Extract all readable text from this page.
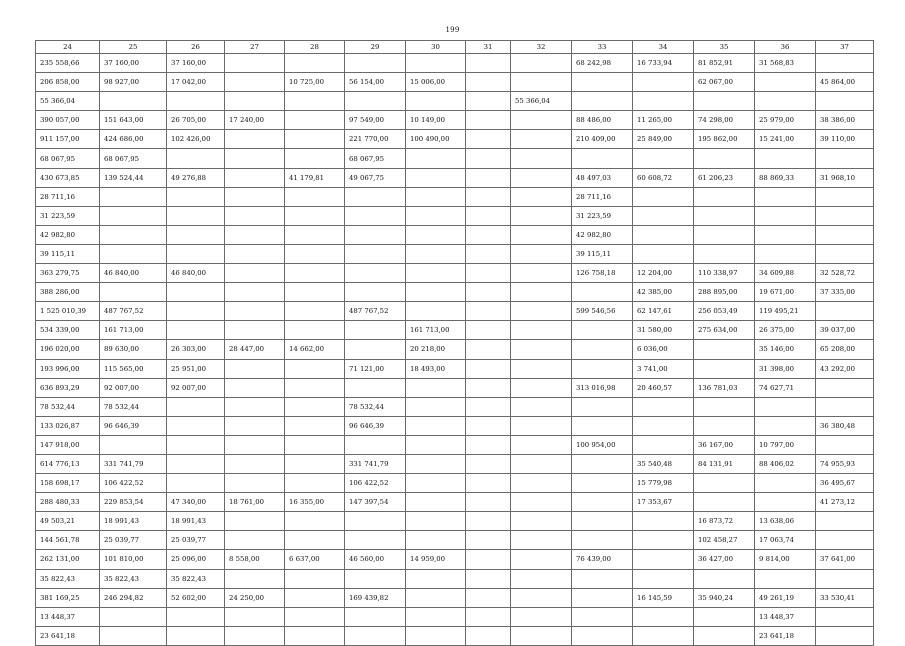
199
24	25	26	27	28	29	30	31	32	33	34	35	36	37
235 558,66	37 160,00	37 160,00							68 242,98	16 733,94	81 852,91	31 568,83	
206 858,00	98 927,00	17 042,00		10 725,00	56 154,00	15 006,00					62 067,00		45 864,00
55 366,04								55 366,04					
390 057,00	151 643,00	26 705,00	17 240,00		97 549,00	10 149,00			88 486,00	11 265,00	74 298,00	25 979,00	38 386,00
911 157,00	424 686,00	102 426,00			221 770,00	100 490,00			210 409,00	25 849,00	195 862,00	15 241,00	39 110,00
68 067,95	68 067,95				68 067,95								
430 673,85	139 524,44	49 276,88		41 179,81	49 067,75				48 497,03	60 608,72	61 206,23	88 869,33	31 968,10
28 711,16									28 711,16				
31 223,59									31 223,59				
42 982,80									42 982,80				
39 115,11									39 115,11				
363 279,75	46 840,00	46 840,00							126 758,18	12 204,00	110 338,97	34 609,88	32 528,72
388 286,00										42 385,00	288 895,00	19 671,00	37 335,00
1 525 010,39	487 767,52				487 767,52				599 546,56	62 147,61	256 053,49	119 495,21	
534 339,00	161 713,00					161 713,00				31 580,00	275 634,00	26 375,00	39 037,00
196 020,00	89 630,00	26 303,00	28 447,00	14 662,00		20 218,00				6 036,00		35 146,00	65 208,00
193 996,00	115 565,00	25 951,00			71 121,00	18 493,00				3 741,00		31 398,00	43 292,00
636 893,29	92 007,00	92 007,00							313 016,98	20 460,57	136 781,03	74 627,71	
78 532,44	78 532,44				78 532,44								
133 026,87	96 646,39				96 646,39								36 380,48
147 918,00									100 954,00		36 167,00	10 797,00	
614 776,13	331 741,79				331 741,79					35 540,48	84 131,91	88 406,02	74 955,93
158 698,17	106 422,52				106 422,52					15 779,98			36 495,67
288 480,33	229 853,54	47 340,00	18 761,00	16 355,00	147 397,54					17 353,67			41 273,12
49 503,21	18 991,43	18 991,43									16 873,72	13 638,06	
144 561,78	25 039,77	25 039,77									102 458,27	17 063,74	
262 131,00	101 810,00	25 096,00	8 558,00	6 637,00	46 560,00	14 959,00			76 439,00		36 427,00	9 814,00	37 641,00
35 822,43	35 822,43	35 822,43											
381 169,25	246 294,82	52 602,00	24 250,00		169 439,82					16 145,59	35 940,24	49 261,19	33 530,41
13 448,37												13 448,37	
23 641,18												23 641,18	
